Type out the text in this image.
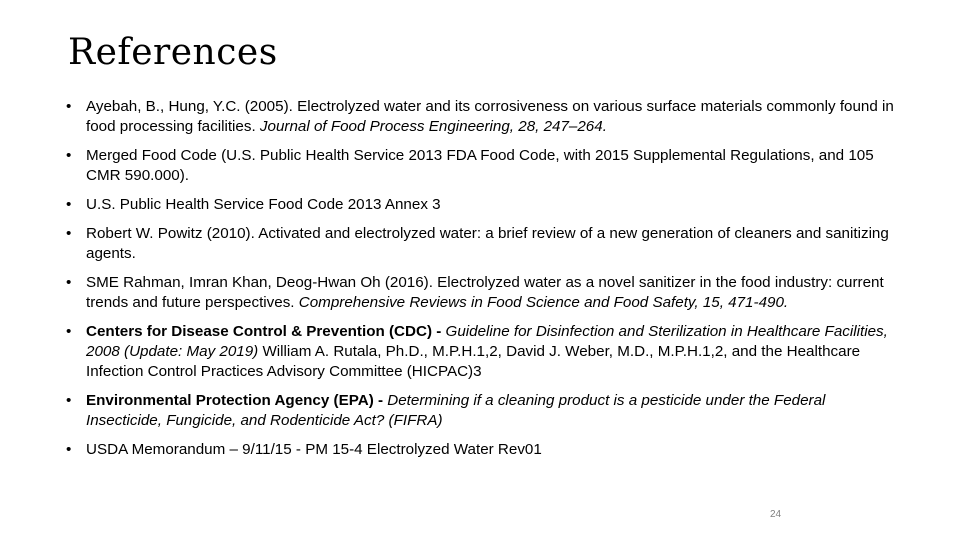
References
• Ayebah, B., Hung, Y.C. (2005). Electrolyzed water and its corrosiveness on various surface materials commonly found in food processing facilities. Journal of Food Process Engineering, 28, 247–264.
• Merged Food Code (U.S. Public Health Service 2013 FDA Food Code, with 2015 Supplemental Regulations, and 105 CMR 590.000).
• U.S. Public Health Service Food Code 2013 Annex 3
• Robert W. Powitz (2010). Activated and electrolyzed water: a brief review of a new generation of cleaners and sanitizing agents.
• SME Rahman, Imran Khan, Deog-Hwan Oh (2016). Electrolyzed water as a novel sanitizer in the food industry: current trends and future perspectives. Comprehensive Reviews in Food Science and Food Safety, 15, 471-490.
• Centers for Disease Control & Prevention (CDC) - Guideline for Disinfection and Sterilization in Healthcare Facilities, 2008 (Update: May 2019) William A. Rutala, Ph.D., M.P.H.1,2, David J. Weber, M.D., M.P.H.1,2, and the Healthcare Infection Control Practices Advisory Committee (HICPAC)3
• Environmental Protection Agency (EPA) - Determining if a cleaning product is a pesticide under the Federal Insecticide, Fungicide, and Rodenticide Act? (FIFRA)
• USDA Memorandum – 9/11/15 - PM 15-4 Electrolyzed Water Rev01
24
